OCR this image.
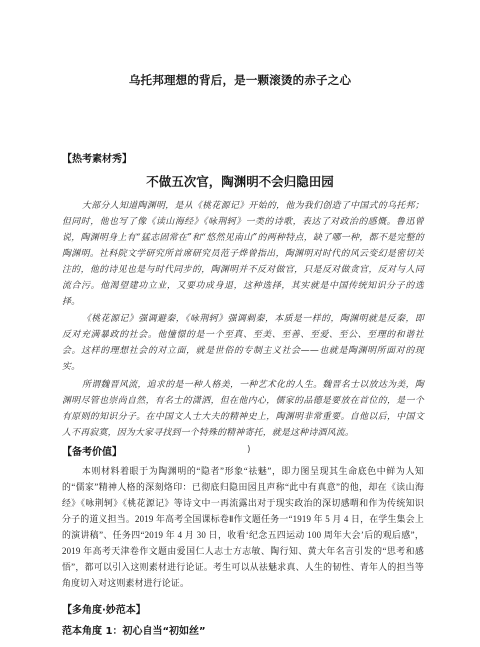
乌托邦理想的背后，是一颗滚烫的赤子之心
【热考素材秀】
不做五次官，陶渊明不会归隐田园
大部分人知道陶渊明，是从《桃花源记》开始的，他为我们创造了中国式的乌托邦；但同时，他也写了像《读山海经》《咏荆轲》一类的诗歌，表达了对政治的感慨。鲁迅曾说，陶渊明身上有“猛志固常在”和“悠然见南山”的两种特点，缺了哪一种，都不是完整的陶渊明。社科院文学研究所首席研究员范子烨曾指出，陶渊明对时代的风云变幻是密切关注的，他的诗见也是与时代同步的，陶渊明并不反对做官，只是反对做贪官，反对与人同流合污。他渴望建功立业，又要功成身退，这种选择，其实就是中国传统知识分子的选择。
《桃花源记》强调避秦，《咏荆轲》强调刺秦，本质是一样的，陶渊明就是反秦，即反对充满暴政的社会。他憧憬的是一个至真、至美、至善、至爱、至公、至理的和谐社会。这样的理想社会的对立面，就是世俗的专制主义社会——也就是陶渊明所面对的现实。
所谓魏晋风流，追求的是一种人格美，一种艺术化的人生。魏晋名士以放达为美，陶渊明尽管也崇尚自然，有名士的潇洒，但在他内心，儒家的品德是要放在首位的，是一个有原则的知识分子。在中国文人士大夫的精神史上，陶渊明非常重要。自他以后，中国文人不再寂寞，因为大家寻找到一个特殊的精神寄托，就是这种诗酒风流。
)
【备考价值】
本则材料着眼于为陶渊明的“隐者”形象“祛魅”，即力图呈现其生命底色中鲜为人知的“儒家”精神人格的深刻烙印：已彻底归隐田园且声称“此中有真意”的他，却在《读山海经》《咏荆轲》《桃花源记》等诗文中一再流露出对于现实政治的深切感喟和作为传统知识分子的道义担当。2019 年高考全国课标卷Ⅱ作文题任务一“1919 年 5 月 4 日，在学生集会上的演讲稿”、任务四“2019 年 4 月 30 日，收看‘纪念五四运动 100 周年大会’后的观后感”，2019 年高考天津卷作文题由爱国仁人志士方志敏、陶行知、黄大年名言引发的“思考和感悟”，都可以引入这则素材进行论证。考生可以从祛魅求真、人生的韧性、青年人的担当等角度切入对这则素材进行论证。
【多角度·妙范本】
范本角度 1：初心自当“初如丝”
